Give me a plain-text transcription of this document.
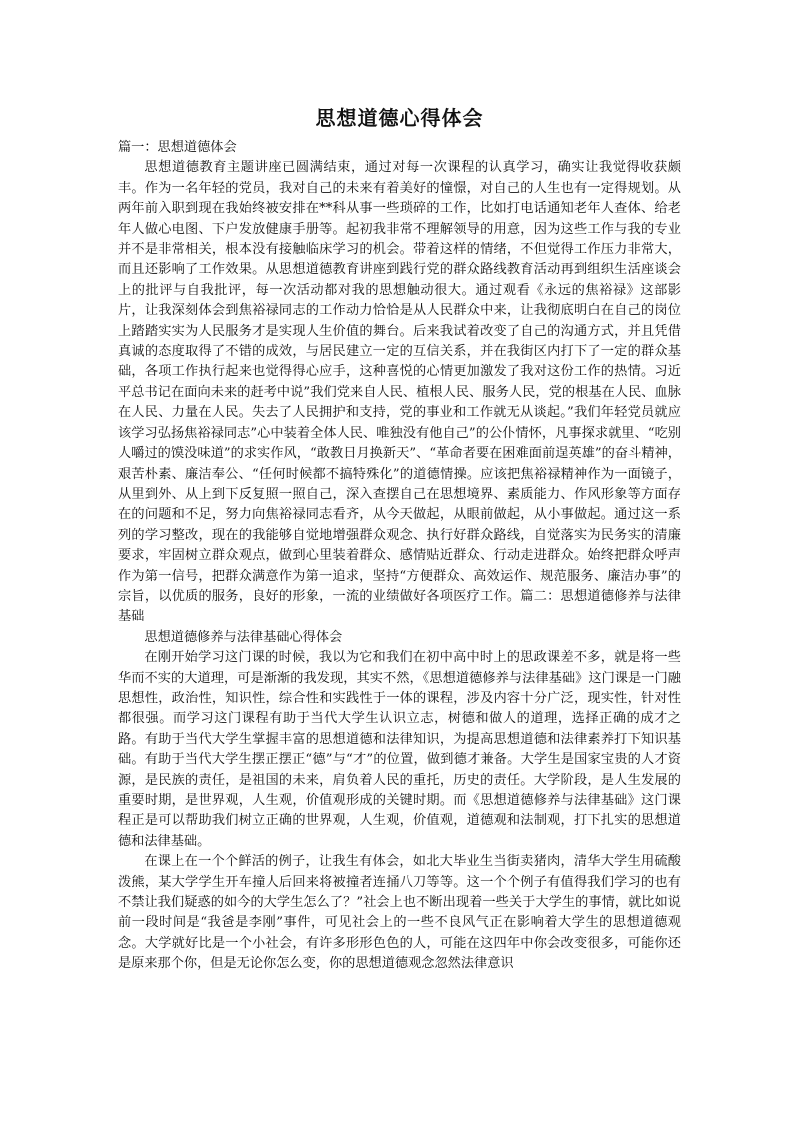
思想道德心得体会

篇一：思想道德体会

思想道德教育主题讲座已圆满结束，通过对每一次课程的认真学习，确实让我觉得收获颇丰。作为一名年轻的党员，我对自己的未来有着美好的憧憬，对自己的人生也有一定得规划。从两年前入职到现在我始终被安排在**科从事一些琐碎的工作，比如打电话通知老年人查体、给老年人做心电图、下户发放健康手册等。起初我非常不理解领导的用意，因为这些工作与我的专业并不是非常相关，根本没有接触临床学习的机会。带着这样的情绪，不但觉得工作压力非常大，而且还影响了工作效果。从思想道德教育讲座到践行党的群众路线教育活动再到组织生活座谈会上的批评与自我批评，每一次活动都对我的思想触动很大。通过观看《永远的焦裕禄》这部影片，让我深刻体会到焦裕禄同志的工作动力恰恰是从人民群众中来，让我彻底明白在自己的岗位上踏踏实实为人民服务才是实现人生价值的舞台。后来我试着改变了自己的沟通方式，并且凭借真诚的态度取得了不错的成效，与居民建立一定的互信关系，并在我街区内打下了一定的群众基础，各项工作执行起来也觉得得心应手，这种喜悦的心情更加激发了我对这份工作的热情。习近平总书记在面向未来的赶考中说”我们党来自人民、植根人民、服务人民，党的根基在人民、血脉在人民、力量在人民。失去了人民拥护和支持，党的事业和工作就无从谈起。”我们年轻党员就应该学习弘扬焦裕禄同志”心中装着全体人民、唯独没有他自己”的公仆情怀，凡事探求就里、“吃别人嚼过的馍没味道”的求实作风，“敢教日月换新天”、“革命者要在困难面前逞英雄”的奋斗精神，艰苦朴素、廉洁奉公、“任何时候都不搞特殊化”的道德情操。应该把焦裕禄精神作为一面镜子，从里到外、从上到下反复照一照自己，深入查摆自己在思想境界、素质能力、作风形象等方面存在的问题和不足，努力向焦裕禄同志看齐，从今天做起，从眼前做起，从小事做起。通过这一系列的学习整改，现在的我能够自觉地增强群众观念、执行好群众路线，自觉落实为民务实的清廉要求，牢固树立群众观点，做到心里装着群众、感情贴近群众、行动走进群众。始终把群众呼声作为第一信号，把群众满意作为第一追求，坚持“方便群众、高效运作、规范服务、廉洁办事”的宗旨，以优质的服务，良好的形象，一流的业绩做好各项医疗工作。篇二：思想道德修养与法律基础

思想道德修养与法律基础心得体会

在刚开始学习这门课的时候，我以为它和我们在初中高中时上的思政课差不多，就是将一些华而不实的大道理，可是渐渐的我发现，其实不然，《思想道德修养与法律基础》这门课是一门融思想性，政治性，知识性，综合性和实践性于一体的课程，涉及内容十分广泛，现实性，针对性都很强。而学习这门课程有助于当代大学生认识立志，树德和做人的道理，选择正确的成才之路。有助于当代大学生掌握丰富的思想道德和法律知识，为提高思想道德和法律素养打下知识基础。有助于当代大学生摆正摆正“德”与“才”的位置，做到德才兼备。大学生是国家宝贵的人才资源，是民族的责任，是祖国的未来，肩负着人民的重托，历史的责任。大学阶段，是人生发展的重要时期，是世界观，人生观，价值观形成的关键时期。而《思想道德修养与法律基础》这门课程正是可以帮助我们树立正确的世界观，人生观，价值观，道德观和法制观，打下扎实的思想道德和法律基础。

在课上在一个个鲜活的例子，让我生有体会，如北大毕业生当街卖猪肉，清华大学生用硫酸泼熊，某大学学生开车撞人后回来将被撞者连捅八刀等等。这一个个例子有值得我们学习的也有不禁让我们疑惑的如今的大学生怎么了？”社会上也不断出现着一些关于大学生的事情，就比如说前一段时间是“我爸是李刚”事件，可见社会上的一些不良风气正在影响着大学生的思想道德观念。大学就好比是一个小社会，有许多形形色色的人，可能在这四年中你会改变很多，可能你还是原来那个你，但是无论你怎么变，你的思想道德观念忽然法律意识
